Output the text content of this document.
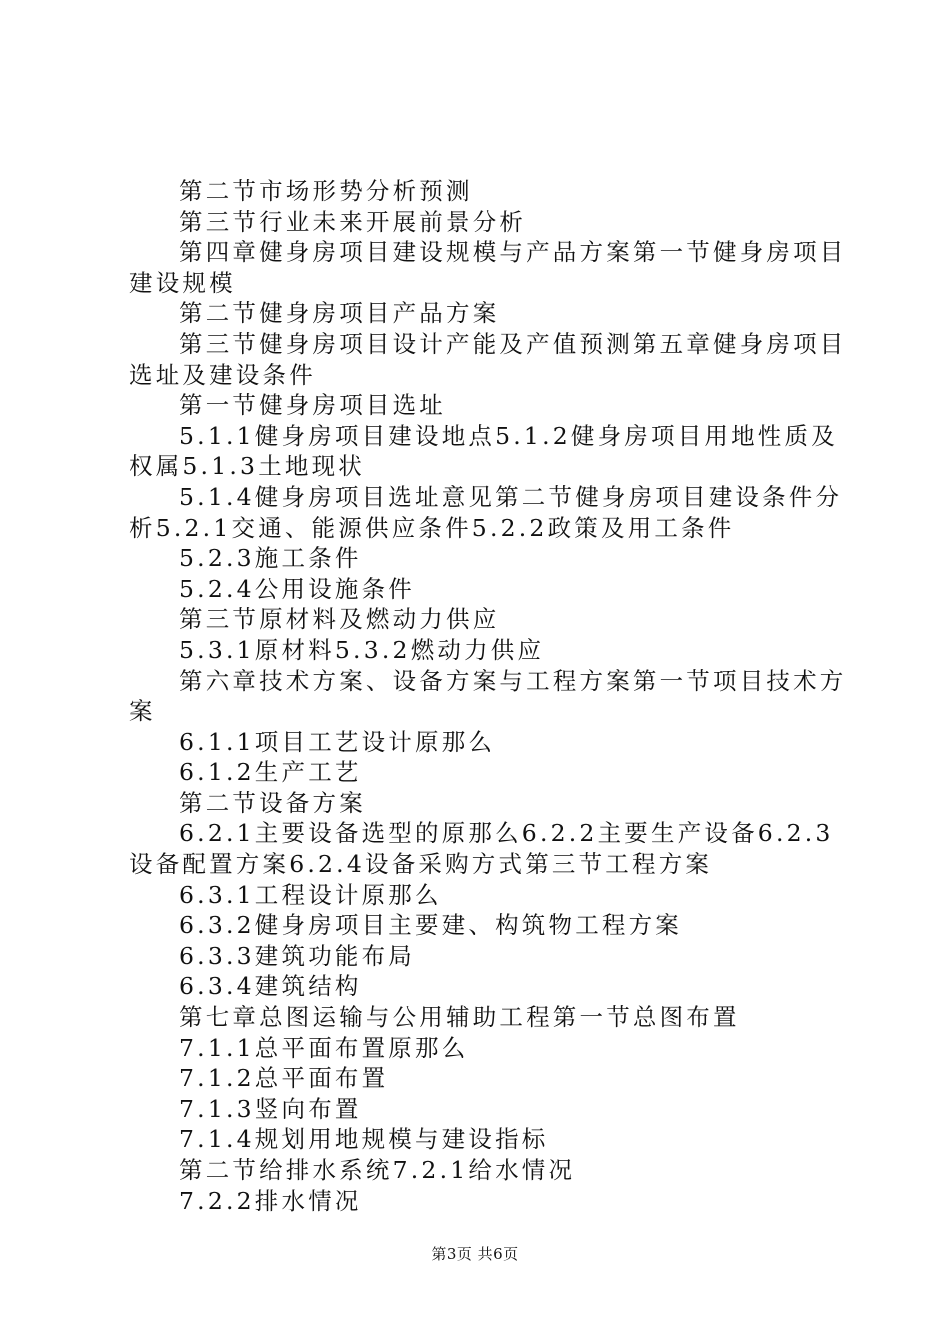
第二节市场形势分析预测

第三节行业未来开展前景分析

第四章健身房项目建设规模与产品方案第一节健身房项目建设规模

第二节健身房项目产品方案

第三节健身房项目设计产能及产值预测第五章健身房项目选址及建设条件

第一节健身房项目选址

5.1.1健身房项目建设地点5.1.2健身房项目用地性质及权属5.1.3土地现状

5.1.4健身房项目选址意见第二节健身房项目建设条件分析5.2.1交通、能源供应条件5.2.2政策及用工条件

5.2.3施工条件

5.2.4公用设施条件

第三节原材料及燃动力供应

5.3.1原材料5.3.2燃动力供应

第六章技术方案、设备方案与工程方案第一节项目技术方案

6.1.1项目工艺设计原那么

6.1.2生产工艺

第二节设备方案

6.2.1主要设备选型的原那么6.2.2主要生产设备6.2.3设备配置方案6.2.4设备采购方式第三节工程方案

6.3.1工程设计原那么

6.3.2健身房项目主要建、构筑物工程方案

6.3.3建筑功能布局

6.3.4建筑结构

第七章总图运输与公用辅助工程第一节总图布置

7.1.1总平面布置原那么

7.1.2总平面布置

7.1.3竖向布置

7.1.4规划用地规模与建设指标

第二节给排水系统7.2.1给水情况

7.2.2排水情况

第3页 共6页
